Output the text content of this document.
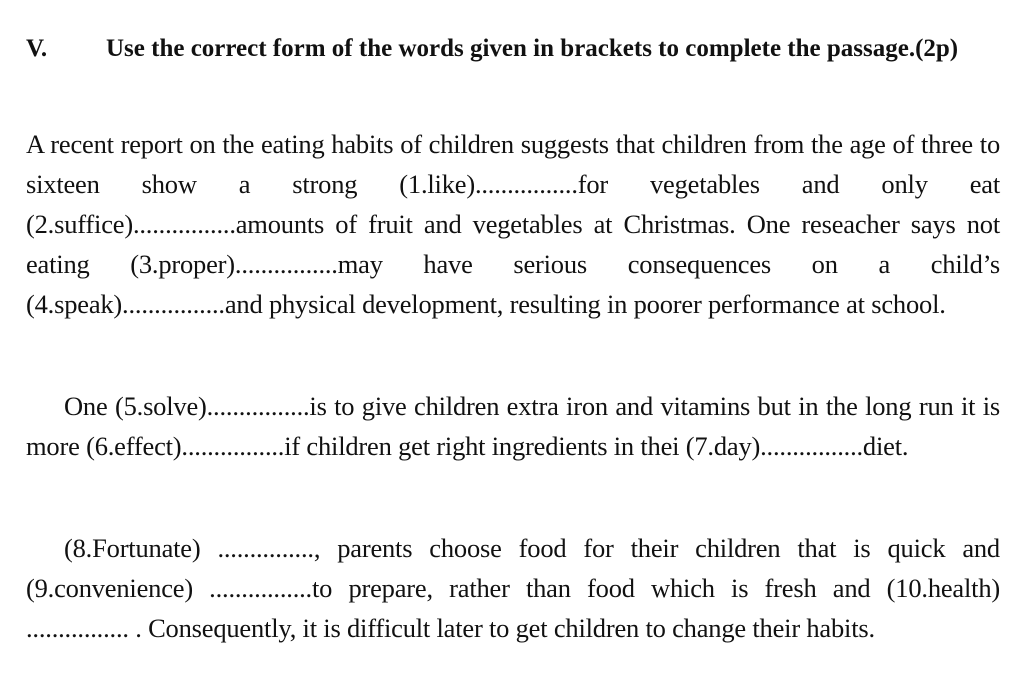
V. Use the correct form of the words given in brackets to complete the passage.(2p)
A recent report on the eating habits of children suggests that children from the age of three to sixteen show a strong (1.like)................for vegetables and only eat (2.suffice)................amounts of fruit and vegetables at Christmas. One reseacher says not eating (3.proper)................may have serious consequences on a child’s (4.speak)................and physical development, resulting in poorer performance at school.
One (5.solve)................is to give children extra iron and vitamins but in the long run it is more (6.effect)................if children get right ingredients in thei (7.day)................diet.
(8.Fortunate) ..............., parents choose food for their children that is quick and (9.convenience) ................to prepare, rather than food which is fresh and (10.health) ................ . Consequently, it is difficult later to get children to change their habits.
